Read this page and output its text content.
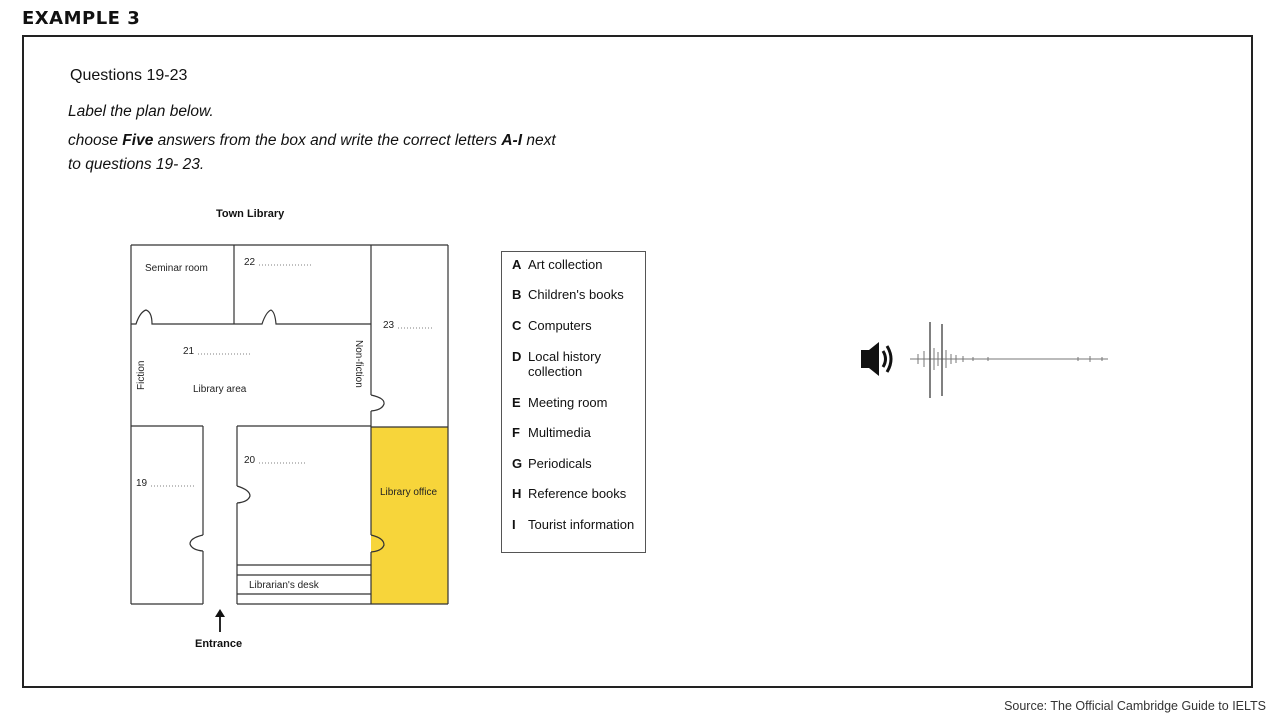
EXAMPLE 3
Questions 19-23
Label the plan below.
choose Five answers from the box and write the correct letters A-I next
to questions 19- 23.
Town Library
Seminar room
22
23
21
Fiction	Library area
Non-fiction
20
19
Library office
Librarian's desk
Entrance
A Art collection
B Children's books
C Computers
D Local history collection
E Meeting room
F Multimedia
G Periodicals
H Reference books
I Tourist information
Source: The Official Cambridge Guide to IELTS
